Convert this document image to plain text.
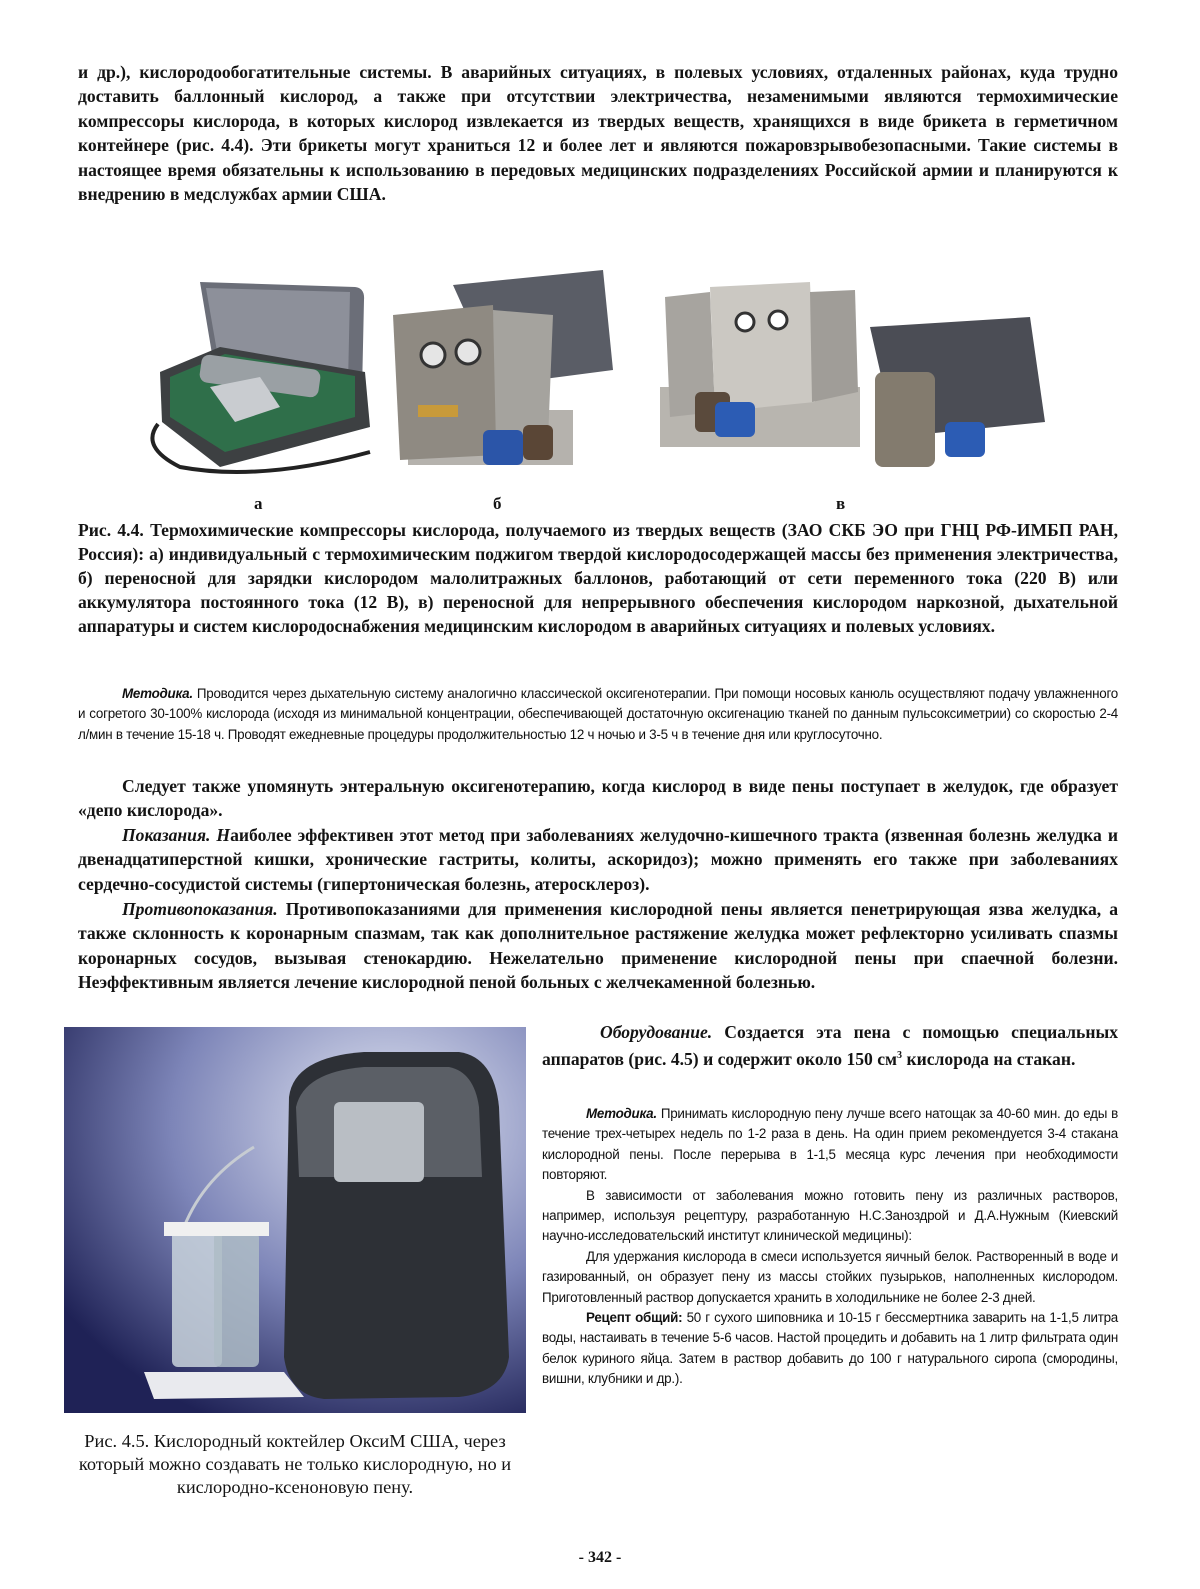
и др.), кислородообогатительные системы. В аварийных ситуациях, в полевых условиях, отдаленных районах, куда трудно доставить баллонный кислород, а также при отсутствии электричества, незаменимыми являются термохимические компрессоры кислорода, в которых кислород извлекается из твердых веществ, хранящихся в виде брикета в герметичном контейнере (рис. 4.4). Эти брикеты могут храниться 12 и более лет и являются пожаровзрывобезопасными. Такие системы в настоящее время обязательны к использованию в передовых медицинских подразделениях Российской армии и планируются к внедрению в медслужбах армии США.
а	б	в
Рис. 4.4. Термохимические компрессоры кислорода, получаемого из твердых веществ (ЗАО СКБ ЭО при ГНЦ РФ-ИМБП РАН, Россия): а) индивидуальный с термохимическим поджигом твердой кислородосодержащей массы без применения электричества, б) переносной для зарядки кислородом малолитражных баллонов, работающий от сети переменного тока (220 В) или аккумулятора постоянного тока (12 В), в) переносной для непрерывного обеспечения кислородом наркозной, дыхательной аппаратуры и систем кислородоснабжения медицинским кислородом в аварийных ситуациях и полевых условиях.
Методика. Проводится через дыхательную систему аналогично классической оксигенотерапии. При помощи носовых канюль осуществляют подачу увлажненного и согретого 30-100% кислорода (исходя из минимальной концентрации, обеспечивающей достаточную оксигенацию тканей по данным пульсоксиметрии) со скоростью 2-4 л/мин в течение 15-18 ч. Проводят ежедневные процедуры продолжительностью 12 ч ночью и 3-5 ч в течение дня или круглосуточно.
Следует также упомянуть энтеральную оксигенотерапию, когда кислород в виде пены поступает в желудок, где образует «депо кислорода».
Показания. Наиболее эффективен этот метод при заболеваниях желудочно-кишечного тракта (язвенная болезнь желудка и двенадцатиперстной кишки, хронические гастриты, колиты, аскоридоз); можно применять его также при заболеваниях сердечно-сосудистой системы (гипертоническая болезнь, атеросклероз).
Противопоказания. Противопоказаниями для применения кислородной пены является пенетрирующая язва желудка, а также склонность к коронарным спазмам, так как дополнительное растяжение желудка может рефлекторно усиливать спазмы коронарных сосудов, вызывая стенокардию. Нежелательно применение кислородной пены при спаечной болезни. Неэффективным является лечение кислородной пеной больных с желчекаменной болезнью.
Рис. 4.5. Кислородный коктейлер ОксиМ США, через который можно создавать не только кислородную, но и кислородно-ксеноновую пену.
Оборудование. Создается эта пена с помощью специальных аппаратов (рис. 4.5) и содержит около 150 $см^3$ кислорода на стакан.
Методика. Принимать кислородную пену лучше всего натощак за 40-60 мин. до еды в течение трех-четырех недель по 1-2 раза в день. На один прием рекомендуется 3-4 стакана кислородной пены. После перерыва в 1-1,5 месяца курс лечения при необходимости повторяют.
В зависимости от заболевания можно готовить пену из различных растворов, например, используя рецептуру, разработанную Н.С.Заноздрой и Д.А.Нужным (Киевский научно-исследовательский институт клинической медицины):
Для удержания кислорода в смеси используется яичный белок. Растворенный в воде и газированный, он образует пену из массы стойких пузырьков, наполненных кислородом. Приготовленный раствор допускается хранить в холодильнике не более 2-3 дней.
Рецепт общий: 50 г сухого шиповника и 10-15 г бессмертника заварить на 1-1,5 литра воды, настаивать в течение 5-6 часов. Настой процедить и добавить на 1 литр фильтрата один белок куриного яйца. Затем в раствор добавить до 100 г натурального сиропа (смородины, вишни, клубники и др.).
- 342 -
